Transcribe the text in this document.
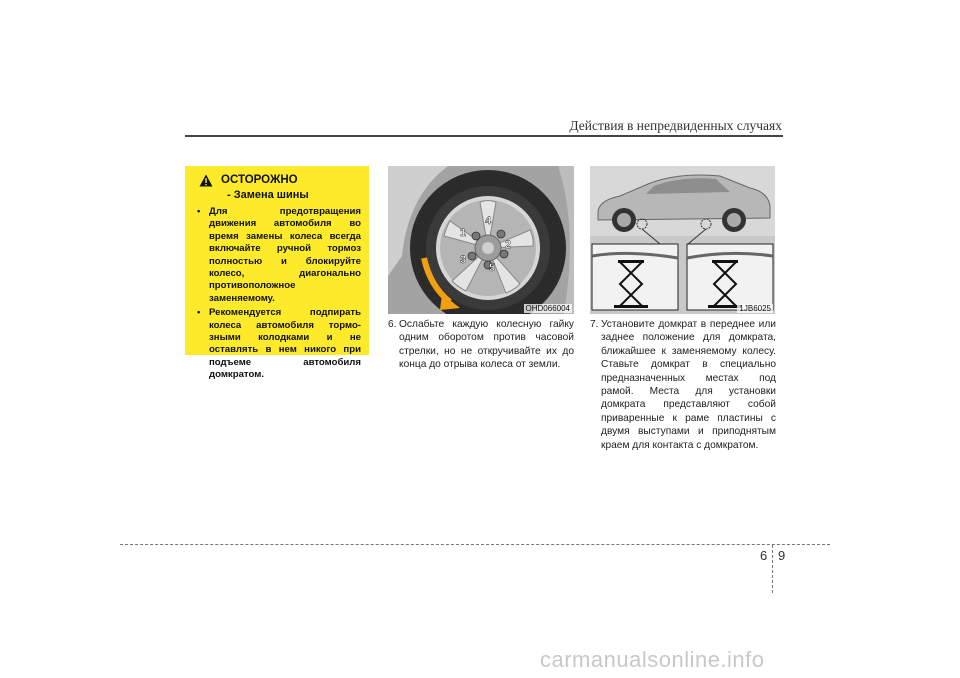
Действия в непредвиденных случаях
ОСТОРОЖНО
- Замена шины
• Для предотвращения движения автомобиля во время замены колеса всегда включайте ручной тормоз полностью и блокируйте колесо, диагонально противоположное заменяемому.
• Рекомендуется подпирать колеса автомобиля тормо-зными колодками и не оставлять в нем никого при подъеме автомобиля домкратом.
1
2
3
4
5
OHD066004	1JB6025
6. Ослабьте каждую колесную гайку одним оборотом против часовой стрелки, но не откручивайте их до конца до отрыва колеса от земли.
7. Установите домкрат в переднее или заднее положение для домкрата, ближайшее к заменяемому колесу. Ставьте домкрат в специально предназначенных местах под рамой. Места для установки домкрата представляют собой приваренные к раме пластины с двумя выступами и приподнятым краем для контакта с домкратом.
6 9
carmanualsonline.info
